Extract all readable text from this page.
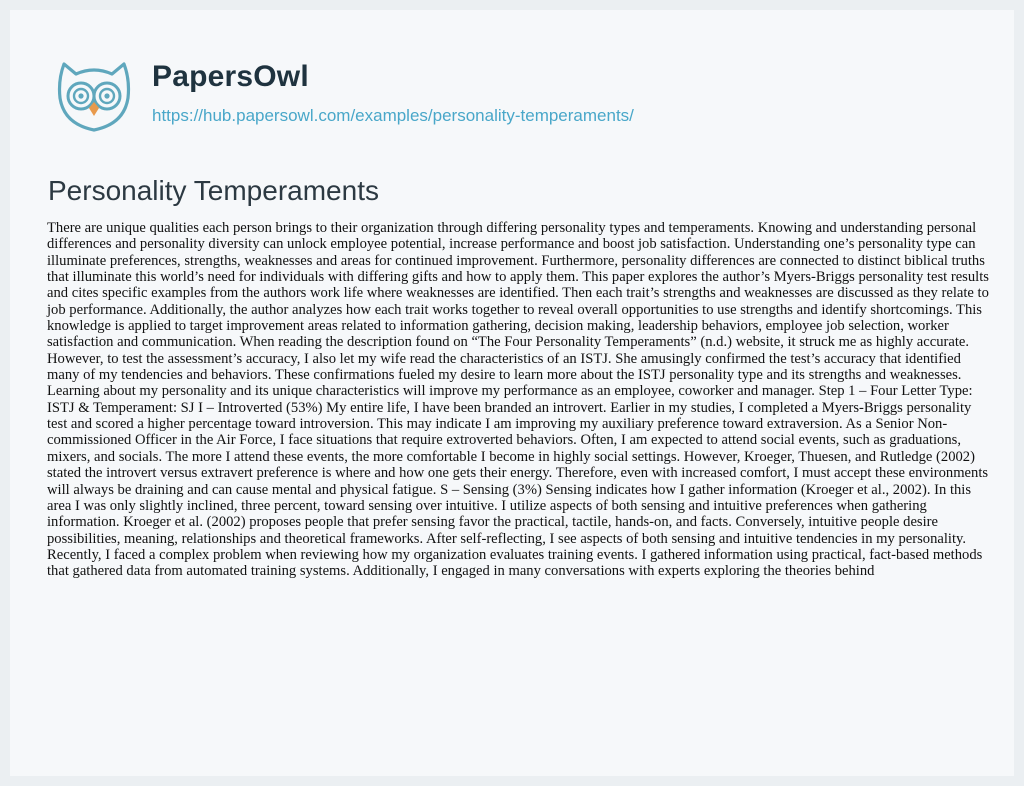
PapersOwl
https://hub.papersowl.com/examples/personality-temperaments/
Personality Temperaments

There are unique qualities each person brings to their organization through differing personality types and temperaments. Knowing and understanding personal differences and personality diversity can unlock employee potential, increase performance and boost job satisfaction. Understanding one’s personality type can illuminate preferences, strengths, weaknesses and areas for continued improvement. Furthermore, personality differences are connected to distinct biblical truths that illuminate this world’s need for individuals with differing gifts and how to apply them. This paper explores the author’s Myers-Briggs personality test results and cites specific examples from the authors work life where weaknesses are identified. Then each trait’s strengths and weaknesses are discussed as they relate to job performance. Additionally, the author analyzes how each trait works together to reveal overall opportunities to use strengths and identify shortcomings. This knowledge is applied to target improvement areas related to information gathering, decision making, leadership behaviors, employee job selection, worker satisfaction and communication. When reading the description found on “The Four Personality Temperaments” (n.d.) website, it struck me as highly accurate. However, to test the assessment’s accuracy, I also let my wife read the characteristics of an ISTJ. She amusingly confirmed the test’s accuracy that identified many of my tendencies and behaviors. These confirmations fueled my desire to learn more about the ISTJ personality type and its strengths and weaknesses. Learning about my personality and its unique characteristics will improve my performance as an employee, coworker and manager. Step 1 – Four Letter Type: ISTJ & Temperament: SJ I – Introverted (53%) My entire life, I have been branded an introvert. Earlier in my studies, I completed a Myers-Briggs personality test and scored a higher percentage toward introversion. This may indicate I am improving my auxiliary preference toward extraversion. As a Senior Non-commissioned Officer in the Air Force, I face situations that require extroverted behaviors. Often, I am expected to attend social events, such as graduations, mixers, and socials. The more I attend these events, the more comfortable I become in highly social settings. However, Kroeger, Thuesen, and Rutledge (2002) stated the introvert versus extravert preference is where and how one gets their energy. Therefore, even with increased comfort, I must accept these environments will always be draining and can cause mental and physical fatigue. S – Sensing (3%) Sensing indicates how I gather information (Kroeger et al., 2002). In this area I was only slightly inclined, three percent, toward sensing over intuitive. I utilize aspects of both sensing and intuitive preferences when gathering information. Kroeger et al. (2002) proposes people that prefer sensing favor the practical, tactile, hands-on, and facts. Conversely, intuitive people desire possibilities, meaning, relationships and theoretical frameworks. After self-reflecting, I see aspects of both sensing and intuitive tendencies in my personality. Recently, I faced a complex problem when reviewing how my organization evaluates training events. I gathered information using practical, fact-based methods that gathered data from automated training systems. Additionally, I engaged in many conversations with experts exploring the theories behind
